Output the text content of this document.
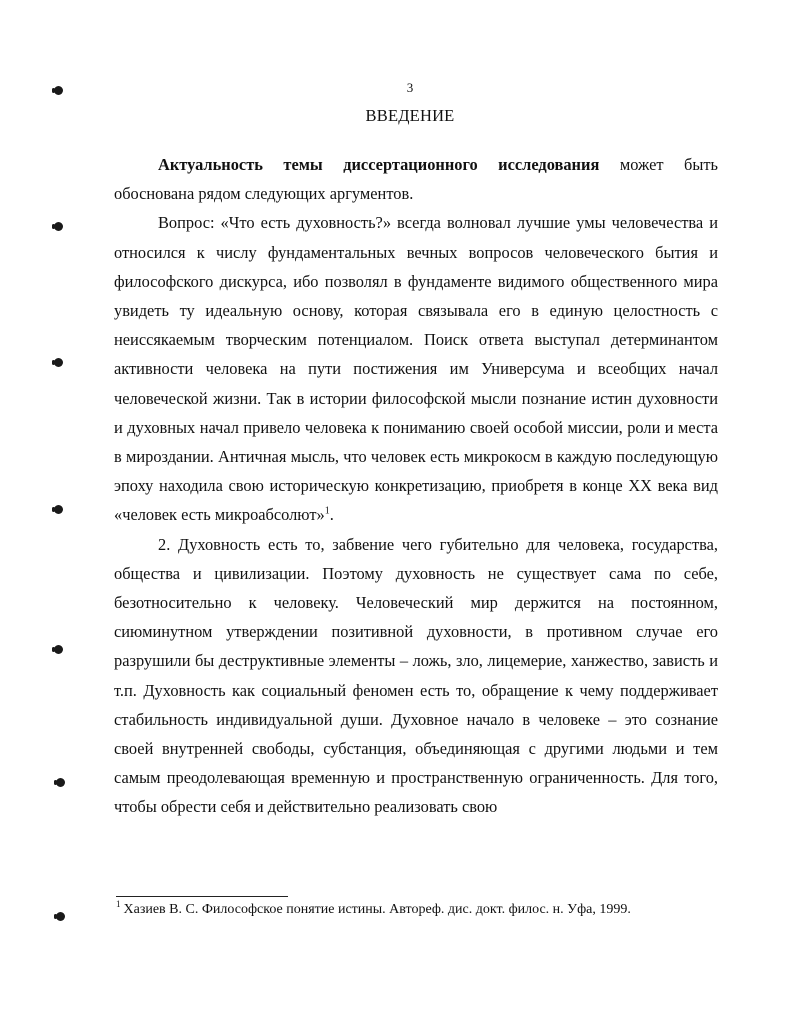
3
ВВЕДЕНИЕ

Актуальность темы диссертационного исследования может быть обоснована рядом следующих аргументов.

Вопрос: «Что есть духовность?» всегда волновал лучшие умы человечества и относился к числу фундаментальных вечных вопросов человеческого бытия и философского дискурса, ибо позволял в фундаменте видимого общественного мира увидеть ту идеальную основу, которая связывала его в единую целостность с неиссякаемым творческим потенциалом. Поиск ответа выступал детерминантом активности человека на пути постижения им Универсума и всеобщих начал человеческой жизни. Так в истории философской мысли познание истин духовности и духовных начал привело человека к пониманию своей особой миссии, роли и места в мироздании. Античная мысль, что человек есть микрокосм в каждую последующую эпоху находила свою историческую конкретизацию, приобретя в конце XX века вид «человек есть микроабсолют»$^1$.

2. Духовность есть то, забвение чего губительно для человека, государства, общества и цивилизации. Поэтому духовность не существует сама по себе, безотносительно к человеку. Человеческий мир держится на постоянном, сиюминутном утверждении позитивной духовности, в противном случае его разрушили бы деструктивные элементы – ложь, зло, лицемерие, ханжество, зависть и т.п. Духовность как социальный феномен есть то, обращение к чему поддерживает стабильность индивидуальной души. Духовное начало в человеке – это сознание своей внутренней свободы, субстанция, объединяющая с другими людьми и тем самым преодолевающая временную и пространственную ограниченность. Для того, чтобы обрести себя и действительно реализовать свою

$^1$ Хазиев В. С. Философское понятие истины. Автореф. дис. докт. филос. н. Уфа, 1999.
